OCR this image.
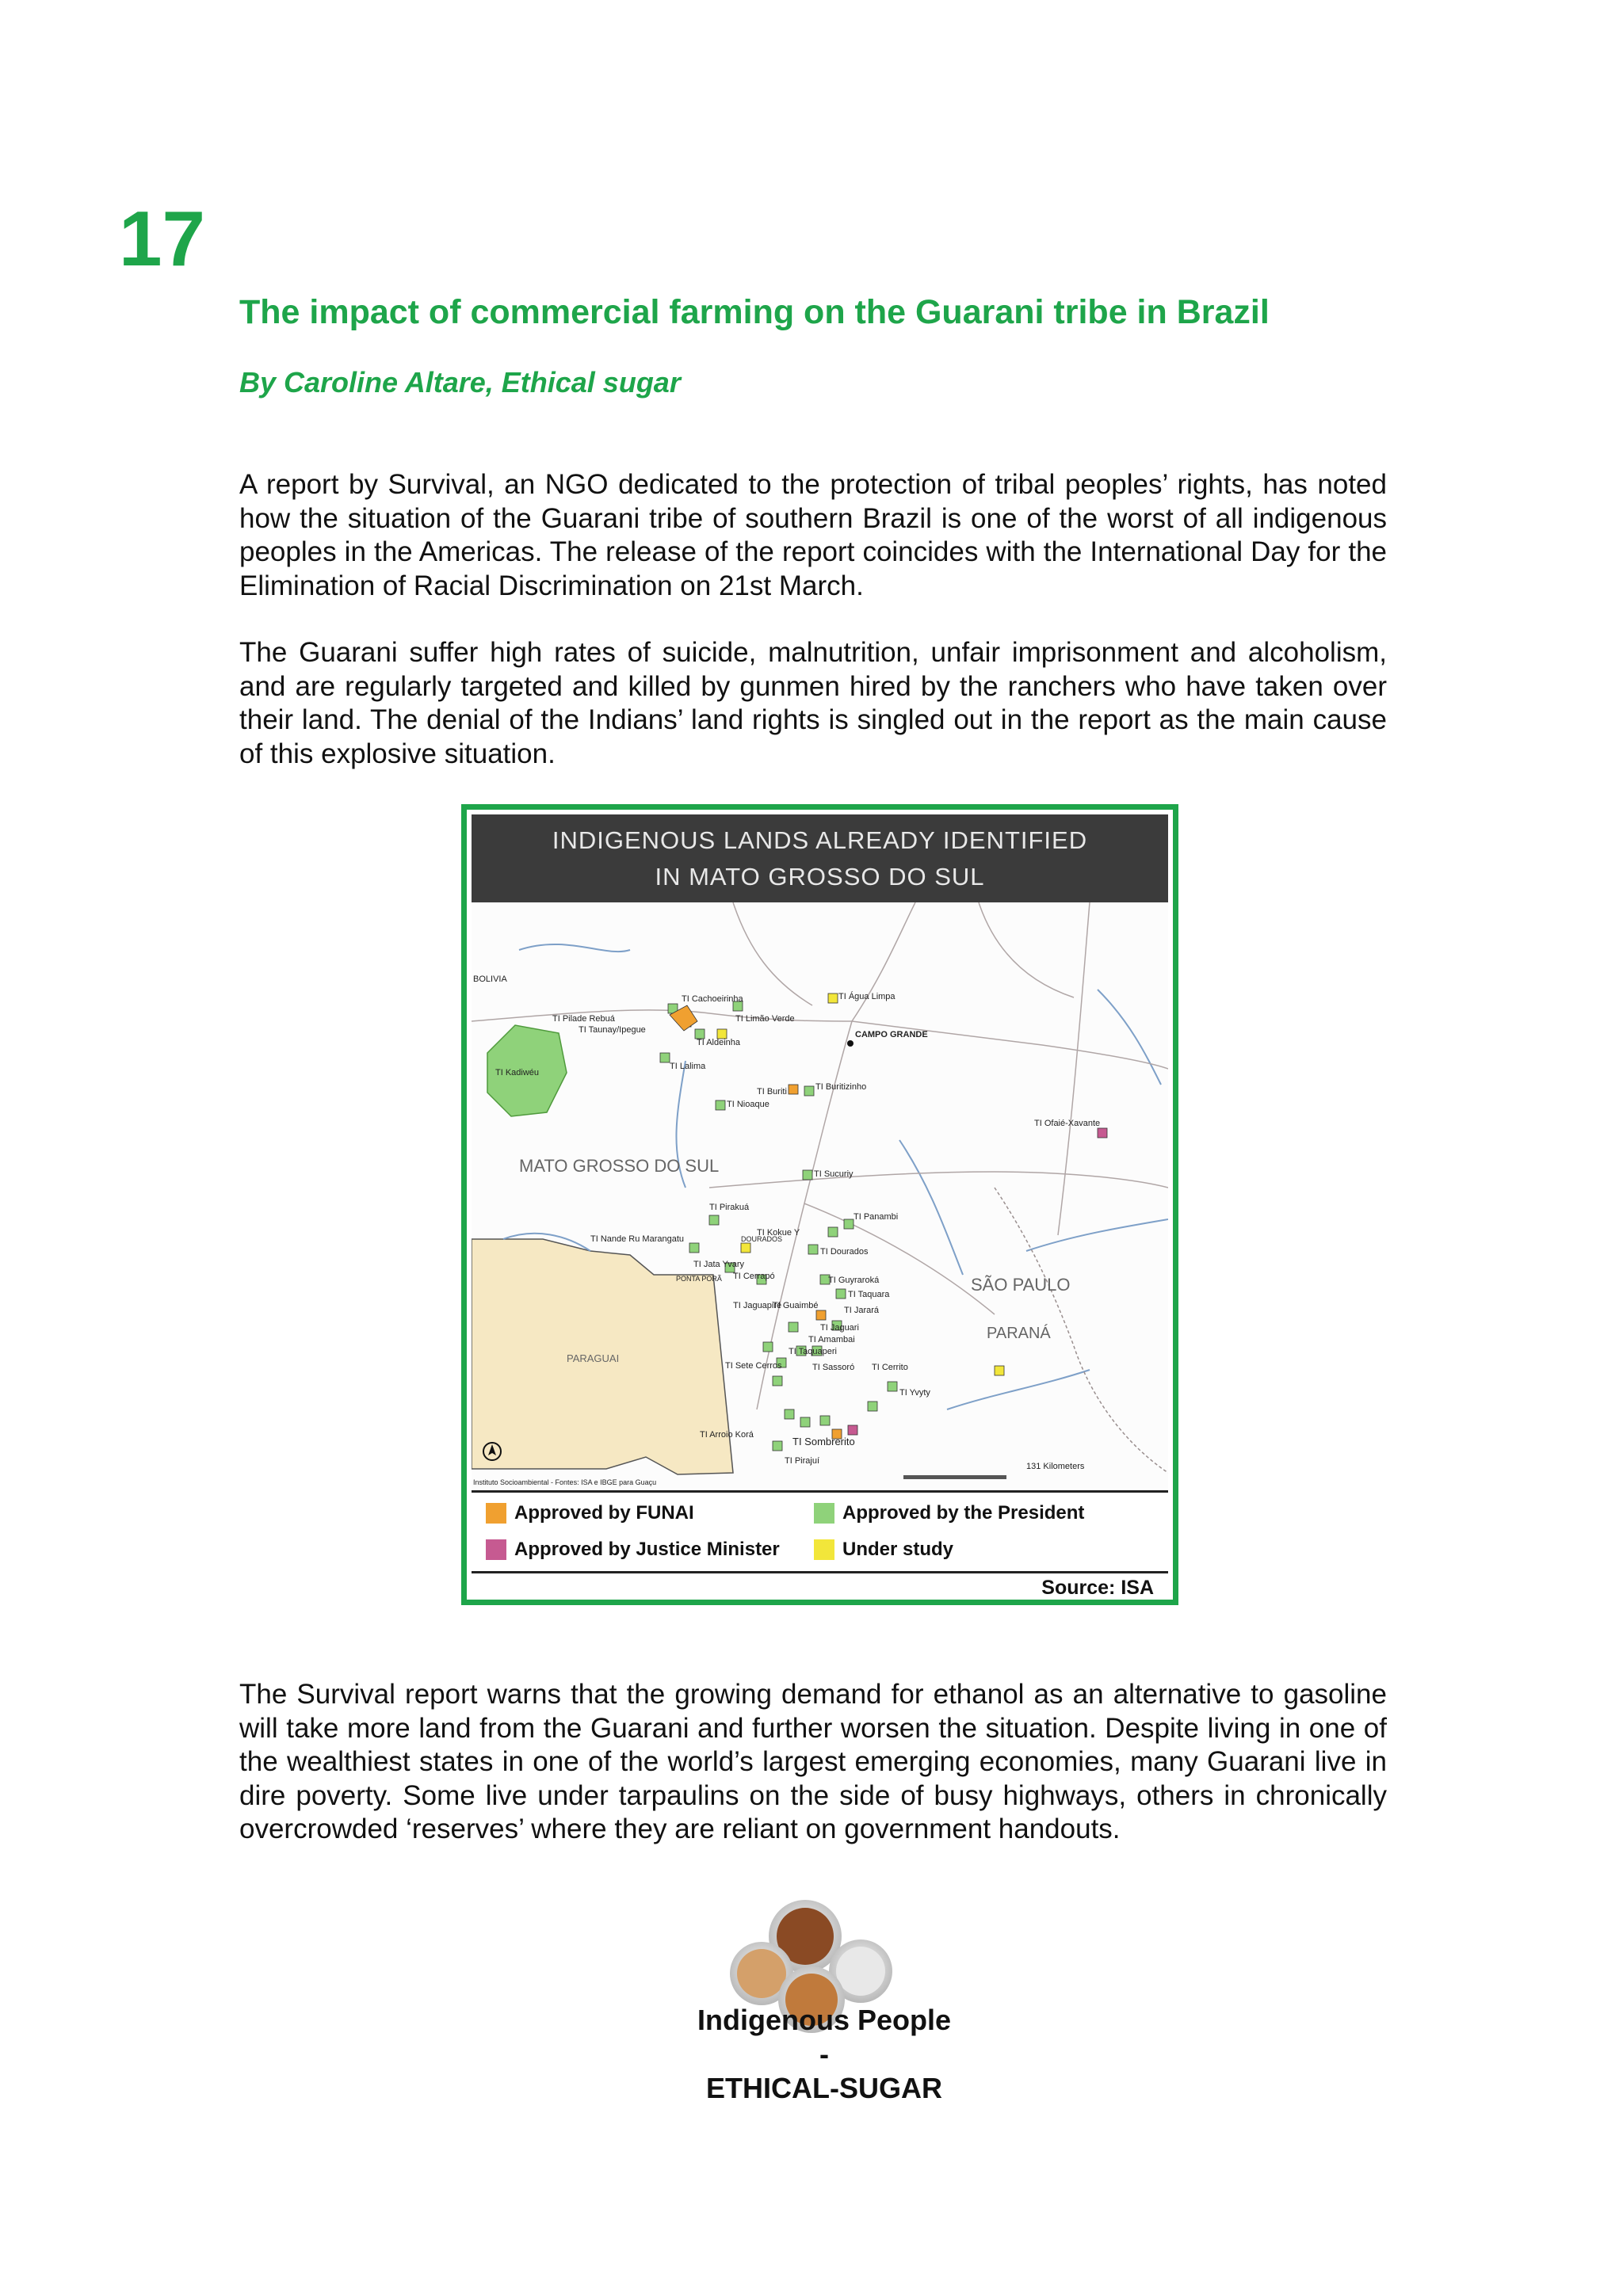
17
The impact of commercial farming on the Guarani tribe in Brazil
By Caroline Altare, Ethical sugar

A report by Survival, an NGO dedicated to the protection of tribal peoples’ rights, has noted how the situation of the Guarani tribe of southern Brazil is one of the worst of all indigenous peoples in the Americas. The release of the report coincides with the International Day for the Elimination of Racial Discrimination on 21st March.

The Guarani suffer high rates of suicide, malnutrition, unfair imprisonment and alcoholism, and are regularly targeted and killed by gunmen hired by the ranchers who have taken over their land. The denial of the Indians’ land rights is singled out in the report as the main cause of this explosive situation.

INDIGENOUS LANDS ALREADY IDENTIFIED
IN MATO GROSSO DO SUL
MATO GROSSO DO SUL
PARAGUAI
SÃO PAULO
PARANÁ
CAMPO GRANDE
BOLIVIA
DOURADOS
PONTA PORÃ
TI Cachoeirinha
TI Pilade Rebuá
TI Taunay/Ipegue
TI Limão Verde
TI Aldeinha
TI Água Limpa
TI Lalima
TI Kadiwéu
TI Buriti	TI Buritizinho
TI Nioaque
TI Ofaié-Xavante
TI Sucuriy
TI Pirakuá
TI Panambi
TI Nande Ru Marangatu
TI Kokue Y
TI Dourados
TI Jata Yvary
TI Cerrapó	TI Guyraroká
TI Taquara
TI Jaguapiré	TI Jarará
TI Guaimbé
TI Jaguari
TI Amambai
TI Taquaperi
TI Sete Cerros	TI Sassoró TI Cerrito
TI Yvyty
TI Arroio Korá
TI Sombrerito
TI Pirajuí
Instituto Socioambiental - Fontes: ISA e IBGE para Guaçu
131 Kilometers
Approved by FUNAI	Approved by the President
Approved by Justice Minister	Under study
Source: ISA

The Survival report warns that the growing demand for ethanol as an alternative to gasoline will take more land from the Guarani and further worsen the situation. Despite living in one of the wealthiest states in one of the world’s largest emerging economies, many Guarani live in dire poverty. Some live under tarpaulins on the side of busy highways, others in chronically overcrowded ‘reserves’ where they are reliant on government handouts.

Indigenous People
-
ETHICAL-SUGAR
